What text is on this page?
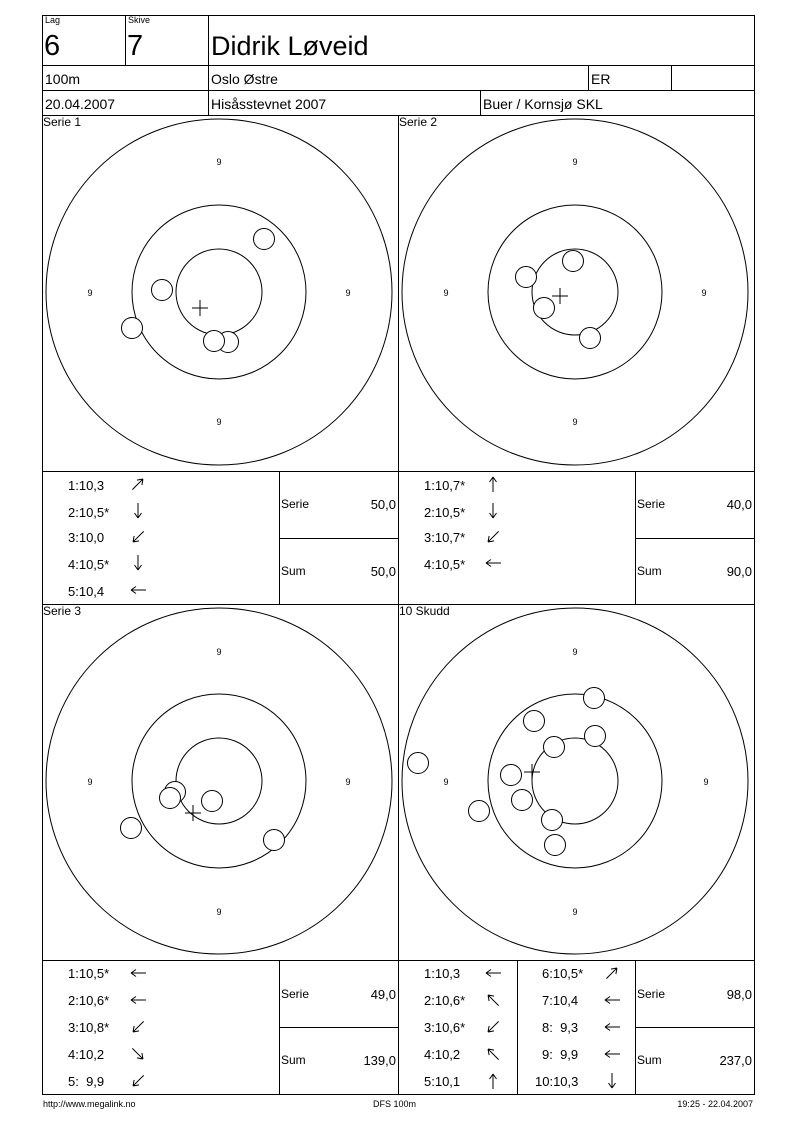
Lag
6
Skive
7	Didrik Løveid
100m	Oslo Østre	ER
20.04.2007	Hisåsstevnet 2007	Buer / Kornsjø SKL
Serie 1	Serie 2
Serie 3	10 Skudd
9
9
9	9
9
9
9	9
9
9
9	9
9
9
9	9
1:10,3
2:10,5*
3:10,0
4:10,5*
5:10,4
Serie	50,0
Sum	50,0
1:10,7*
2:10,5*
3:10,7*
4:10,5*
Serie	40,0
Sum	90,0
1:10,5*
2:10,6*
3:10,8*
4:10,2
5:  9,9
Serie	49,0
Sum	139,0
1:10,3
2:10,6*
3:10,6*
4:10,2
5:10,1
6:10,5*
7:10,4
8:  9,3
9:  9,9
10:10,3
Serie	98,0
Sum	237,0
http://www.megalink.no	DFS 100m	19:25 - 22.04.2007
